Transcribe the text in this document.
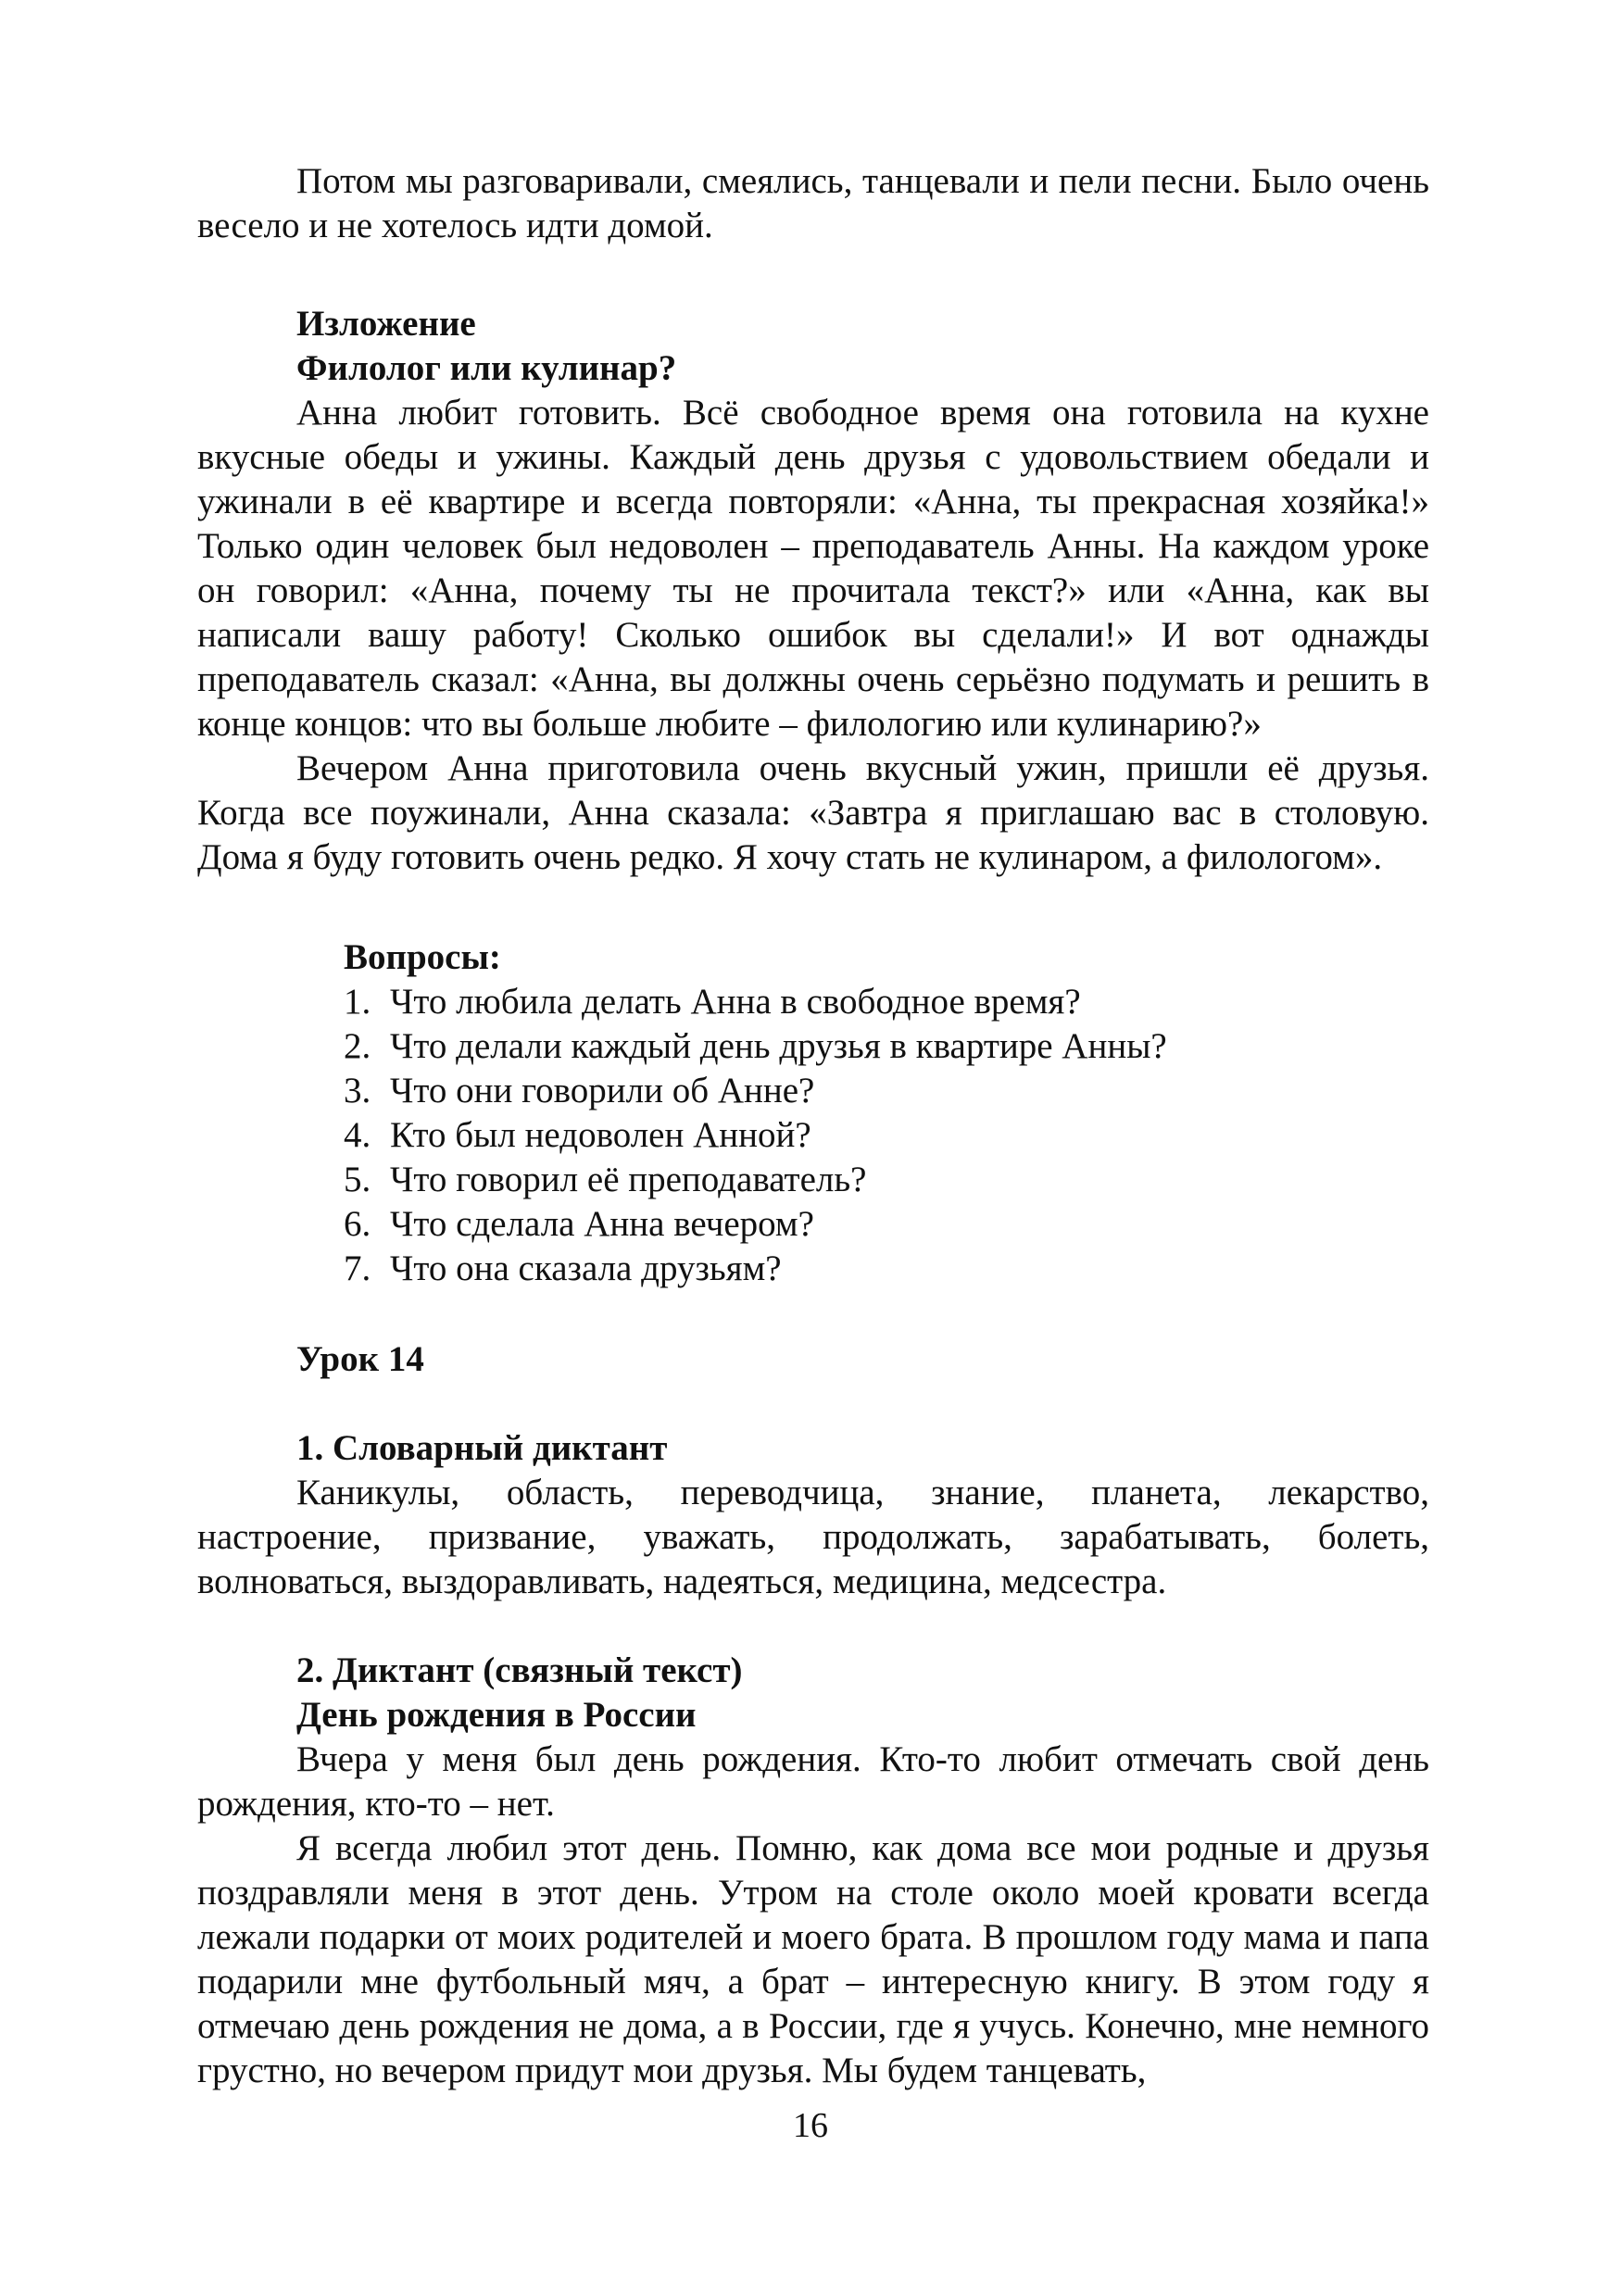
Потом мы разговаривали, смеялись, танцевали и пели песни. Было очень весело и не хотелось идти домой.

Изложение
Филолог или кулинар?

Анна любит готовить. Всё свободное время она готовила на кухне вкусные обеды и ужины. Каждый день друзья с удовольствием обедали и ужинали в её квартире и всегда повторяли: «Анна, ты прекрасная хозяйка!» Только один человек был недоволен – преподаватель Анны. На каждом уроке он говорил: «Анна, почему ты не прочитала текст?» или «Анна, как вы написали вашу работу! Сколько ошибок вы сделали!» И вот однажды преподаватель сказал: «Анна, вы должны очень серьёзно подумать и решить в конце концов: что вы больше любите – филологию или кулинарию?»

Вечером Анна приготовила очень вкусный ужин, пришли её друзья. Когда все поужинали, Анна сказала: «Завтра я приглашаю вас в столовую. Дома я буду готовить очень редко. Я хочу стать не кулинаром, а филологом».

Вопросы:
1. Что любила делать Анна в свободное время?
2. Что делали каждый день друзья в квартире Анны?
3. Что они говорили об Анне?
4. Кто был недоволен Анной?
5. Что говорил её преподаватель?
6. Что сделала Анна вечером?
7. Что она сказала друзьям?
Урок 14
1. Словарный диктант

Каникулы, область, переводчица, знание, планета, лекарство, настроение, призвание, уважать, продолжать, зарабатывать, болеть, волноваться, выздоравливать, надеяться, медицина, медсестра.

2. Диктант (связный текст)
День рождения в России

Вчера у меня был день рождения. Кто-то любит отмечать свой день рождения, кто-то – нет.

Я всегда любил этот день. Помню, как дома все мои родные и друзья поздравляли меня в этот день. Утром на столе около моей кровати всегда лежали подарки от моих родителей и моего брата. В прошлом году мама и папа подарили мне футбольный мяч, а брат – интересную книгу. В этом году я отмечаю день рождения не дома, а в России, где я учусь. Конечно, мне немного грустно, но вечером придут мои друзья. Мы будем танцевать,

16
